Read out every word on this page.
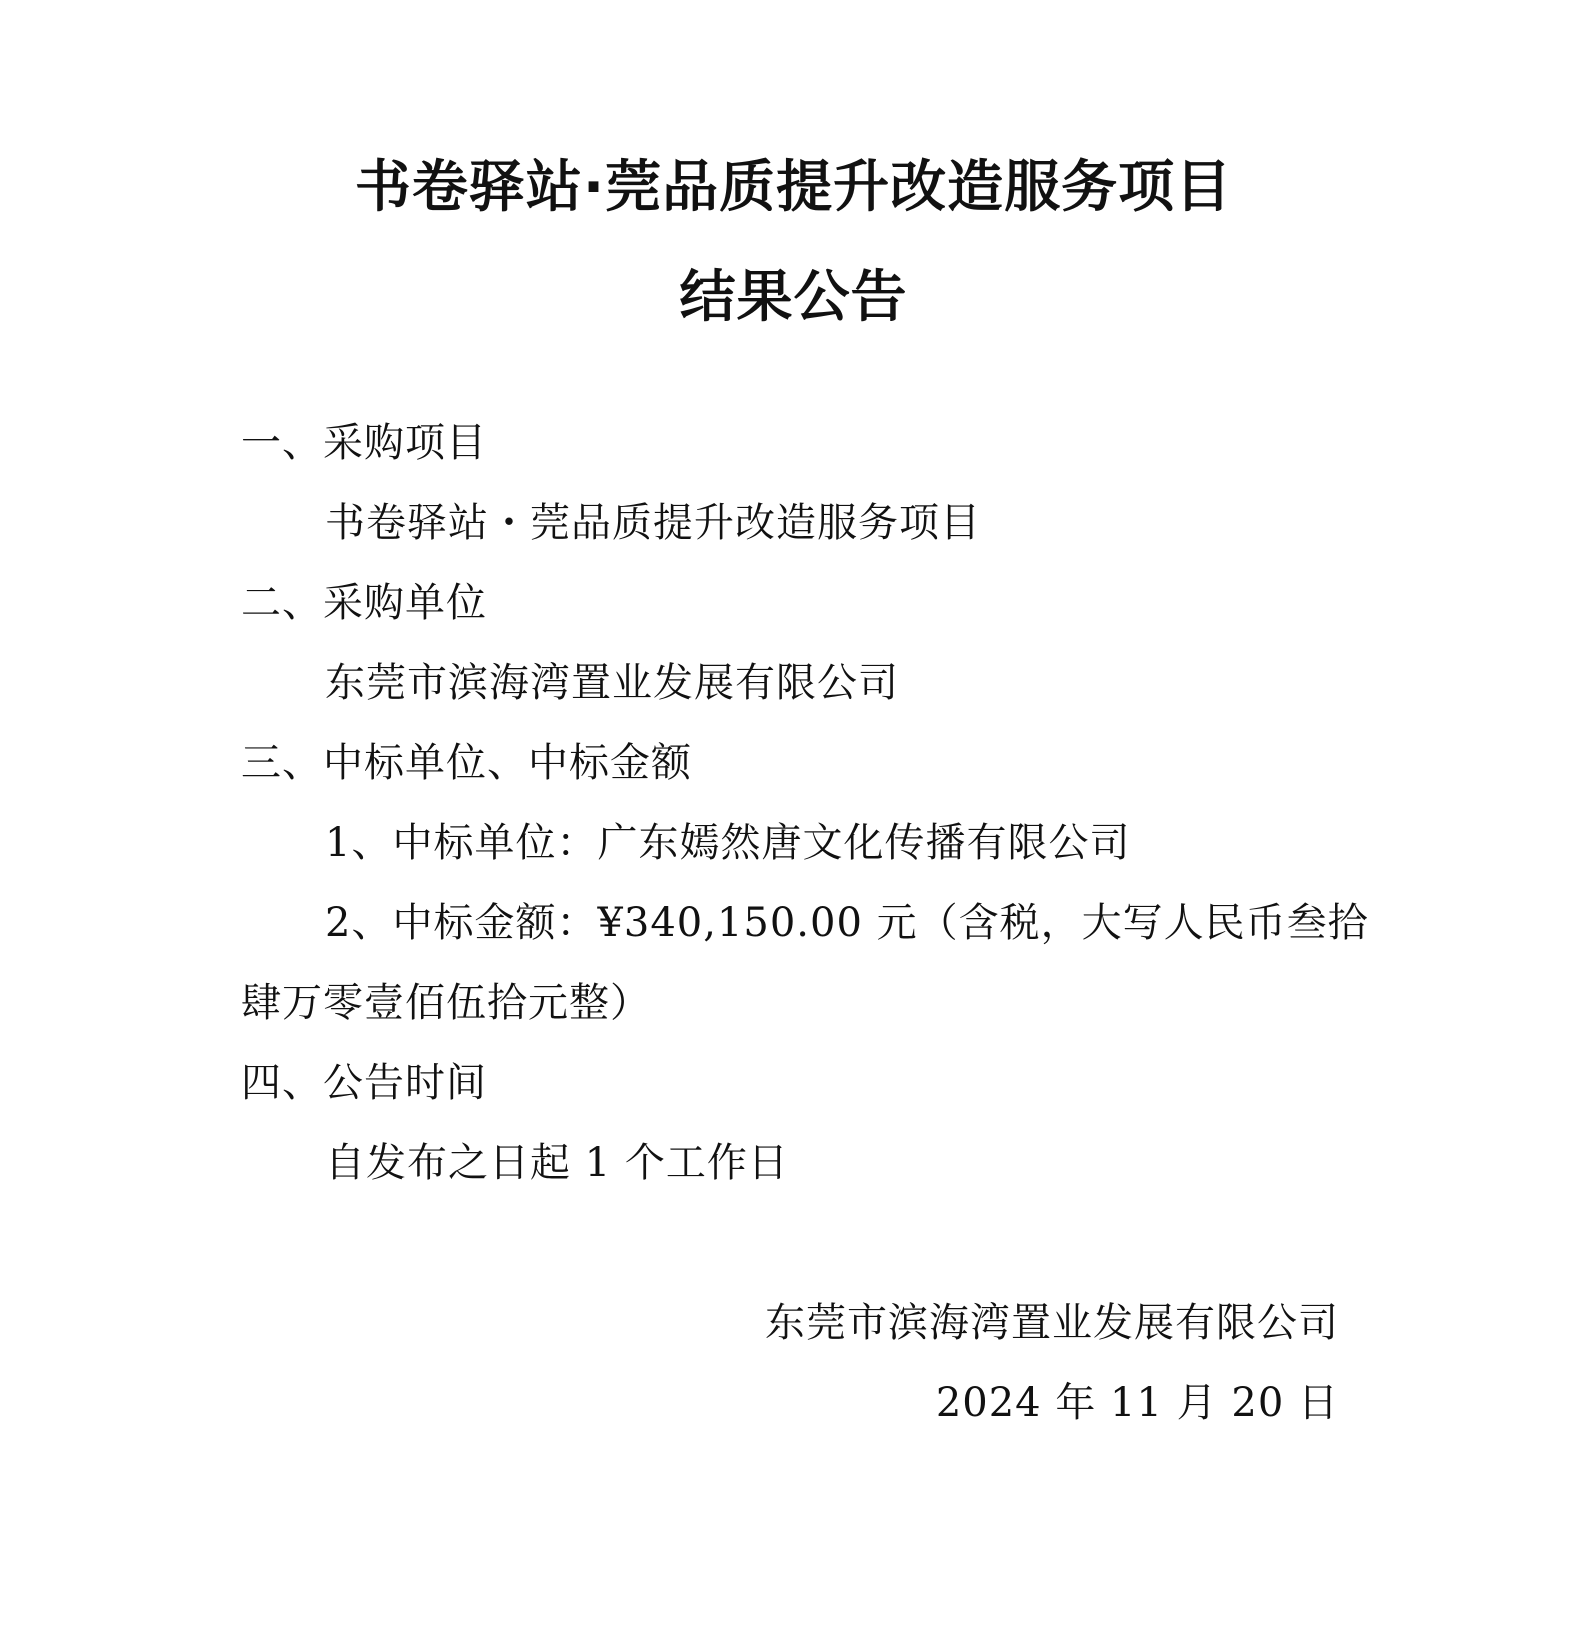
书卷驿站·莞品质提升改造服务项目
结果公告
一、采购项目
书卷驿站・莞品质提升改造服务项目
二、采购单位
东莞市滨海湾置业发展有限公司
三、中标单位、中标金额
1、中标单位：广东嫣然唐文化传播有限公司
2、中标金额：¥340,150.00 元（含税，大写人民币叁拾
肆万零壹佰伍拾元整）
四、公告时间
自发布之日起 1 个工作日
东莞市滨海湾置业发展有限公司
2024 年 11 月 20 日
